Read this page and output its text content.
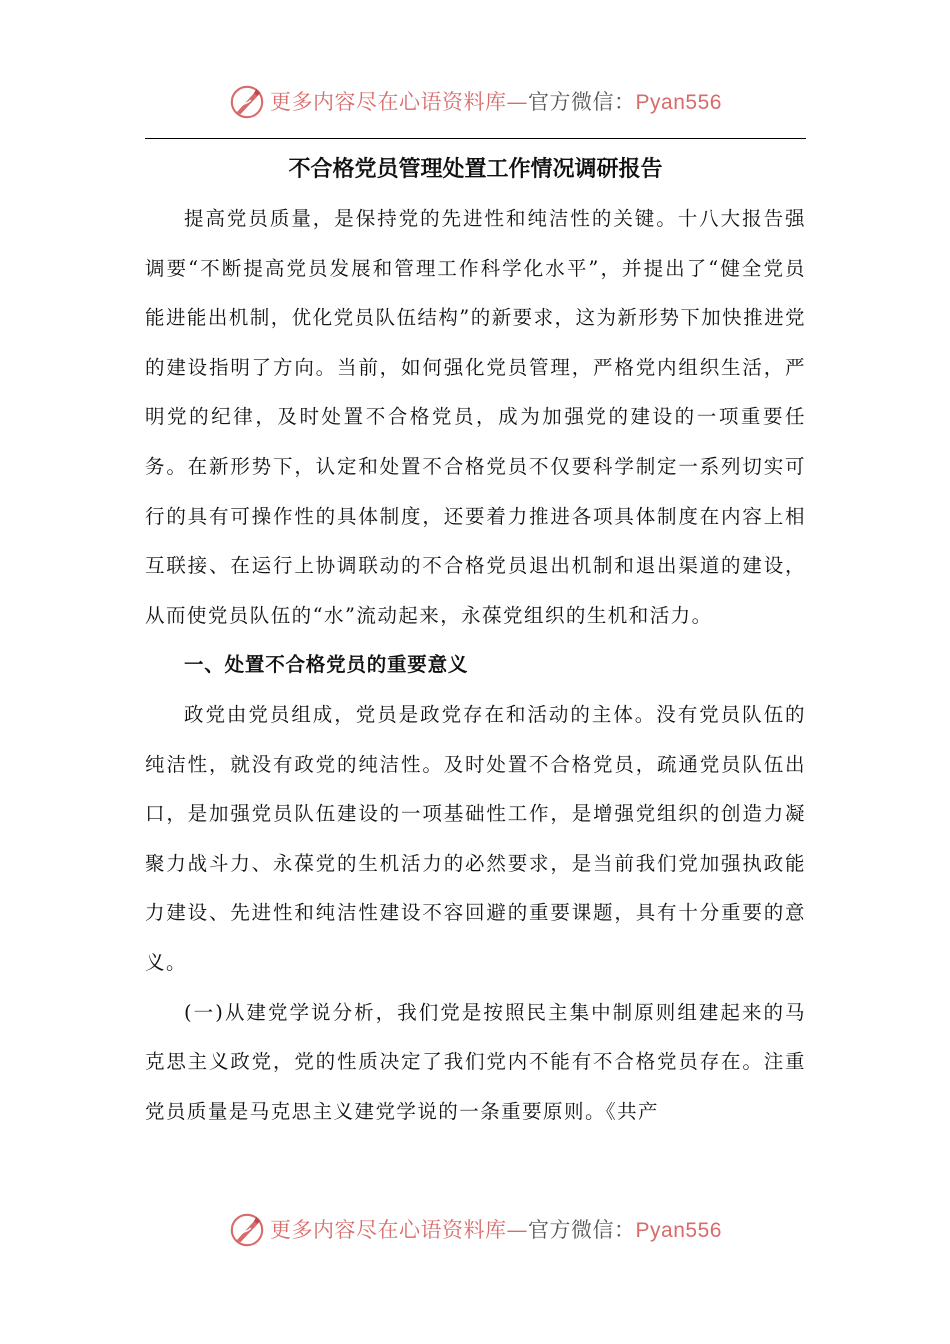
更多内容尽在心语资料库—官方微信：Pyan556
不合格党员管理处置工作情况调研报告

提高党员质量，是保持党的先进性和纯洁性的关键。十八大报告强调要“不断提高党员发展和管理工作科学化水平”，并提出了“健全党员能进能出机制，优化党员队伍结构”的新要求，这为新形势下加快推进党的建设指明了方向。当前，如何强化党员管理，严格党内组织生活，严明党的纪律，及时处置不合格党员，成为加强党的建设的一项重要任务。在新形势下，认定和处置不合格党员不仅要科学制定一系列切实可行的具有可操作性的具体制度，还要着力推进各项具体制度在内容上相互联接、在运行上协调联动的不合格党员退出机制和退出渠道的建设，从而使党员队伍的“水”流动起来，永葆党组织的生机和活力。

一、处置不合格党员的重要意义

政党由党员组成，党员是政党存在和活动的主体。没有党员队伍的纯洁性，就没有政党的纯洁性。及时处置不合格党员，疏通党员队伍出口，是加强党员队伍建设的一项基础性工作，是增强党组织的创造力凝聚力战斗力、永葆党的生机活力的必然要求，是当前我们党加强执政能力建设、先进性和纯洁性建设不容回避的重要课题，具有十分重要的意义。

(一)从建党学说分析，我们党是按照民主集中制原则组建起来的马克思主义政党，党的性质决定了我们党内不能有不合格党员存在。注重党员质量是马克思主义建党学说的一条重要原则。《共产

更多内容尽在心语资料库—官方微信：Pyan556
